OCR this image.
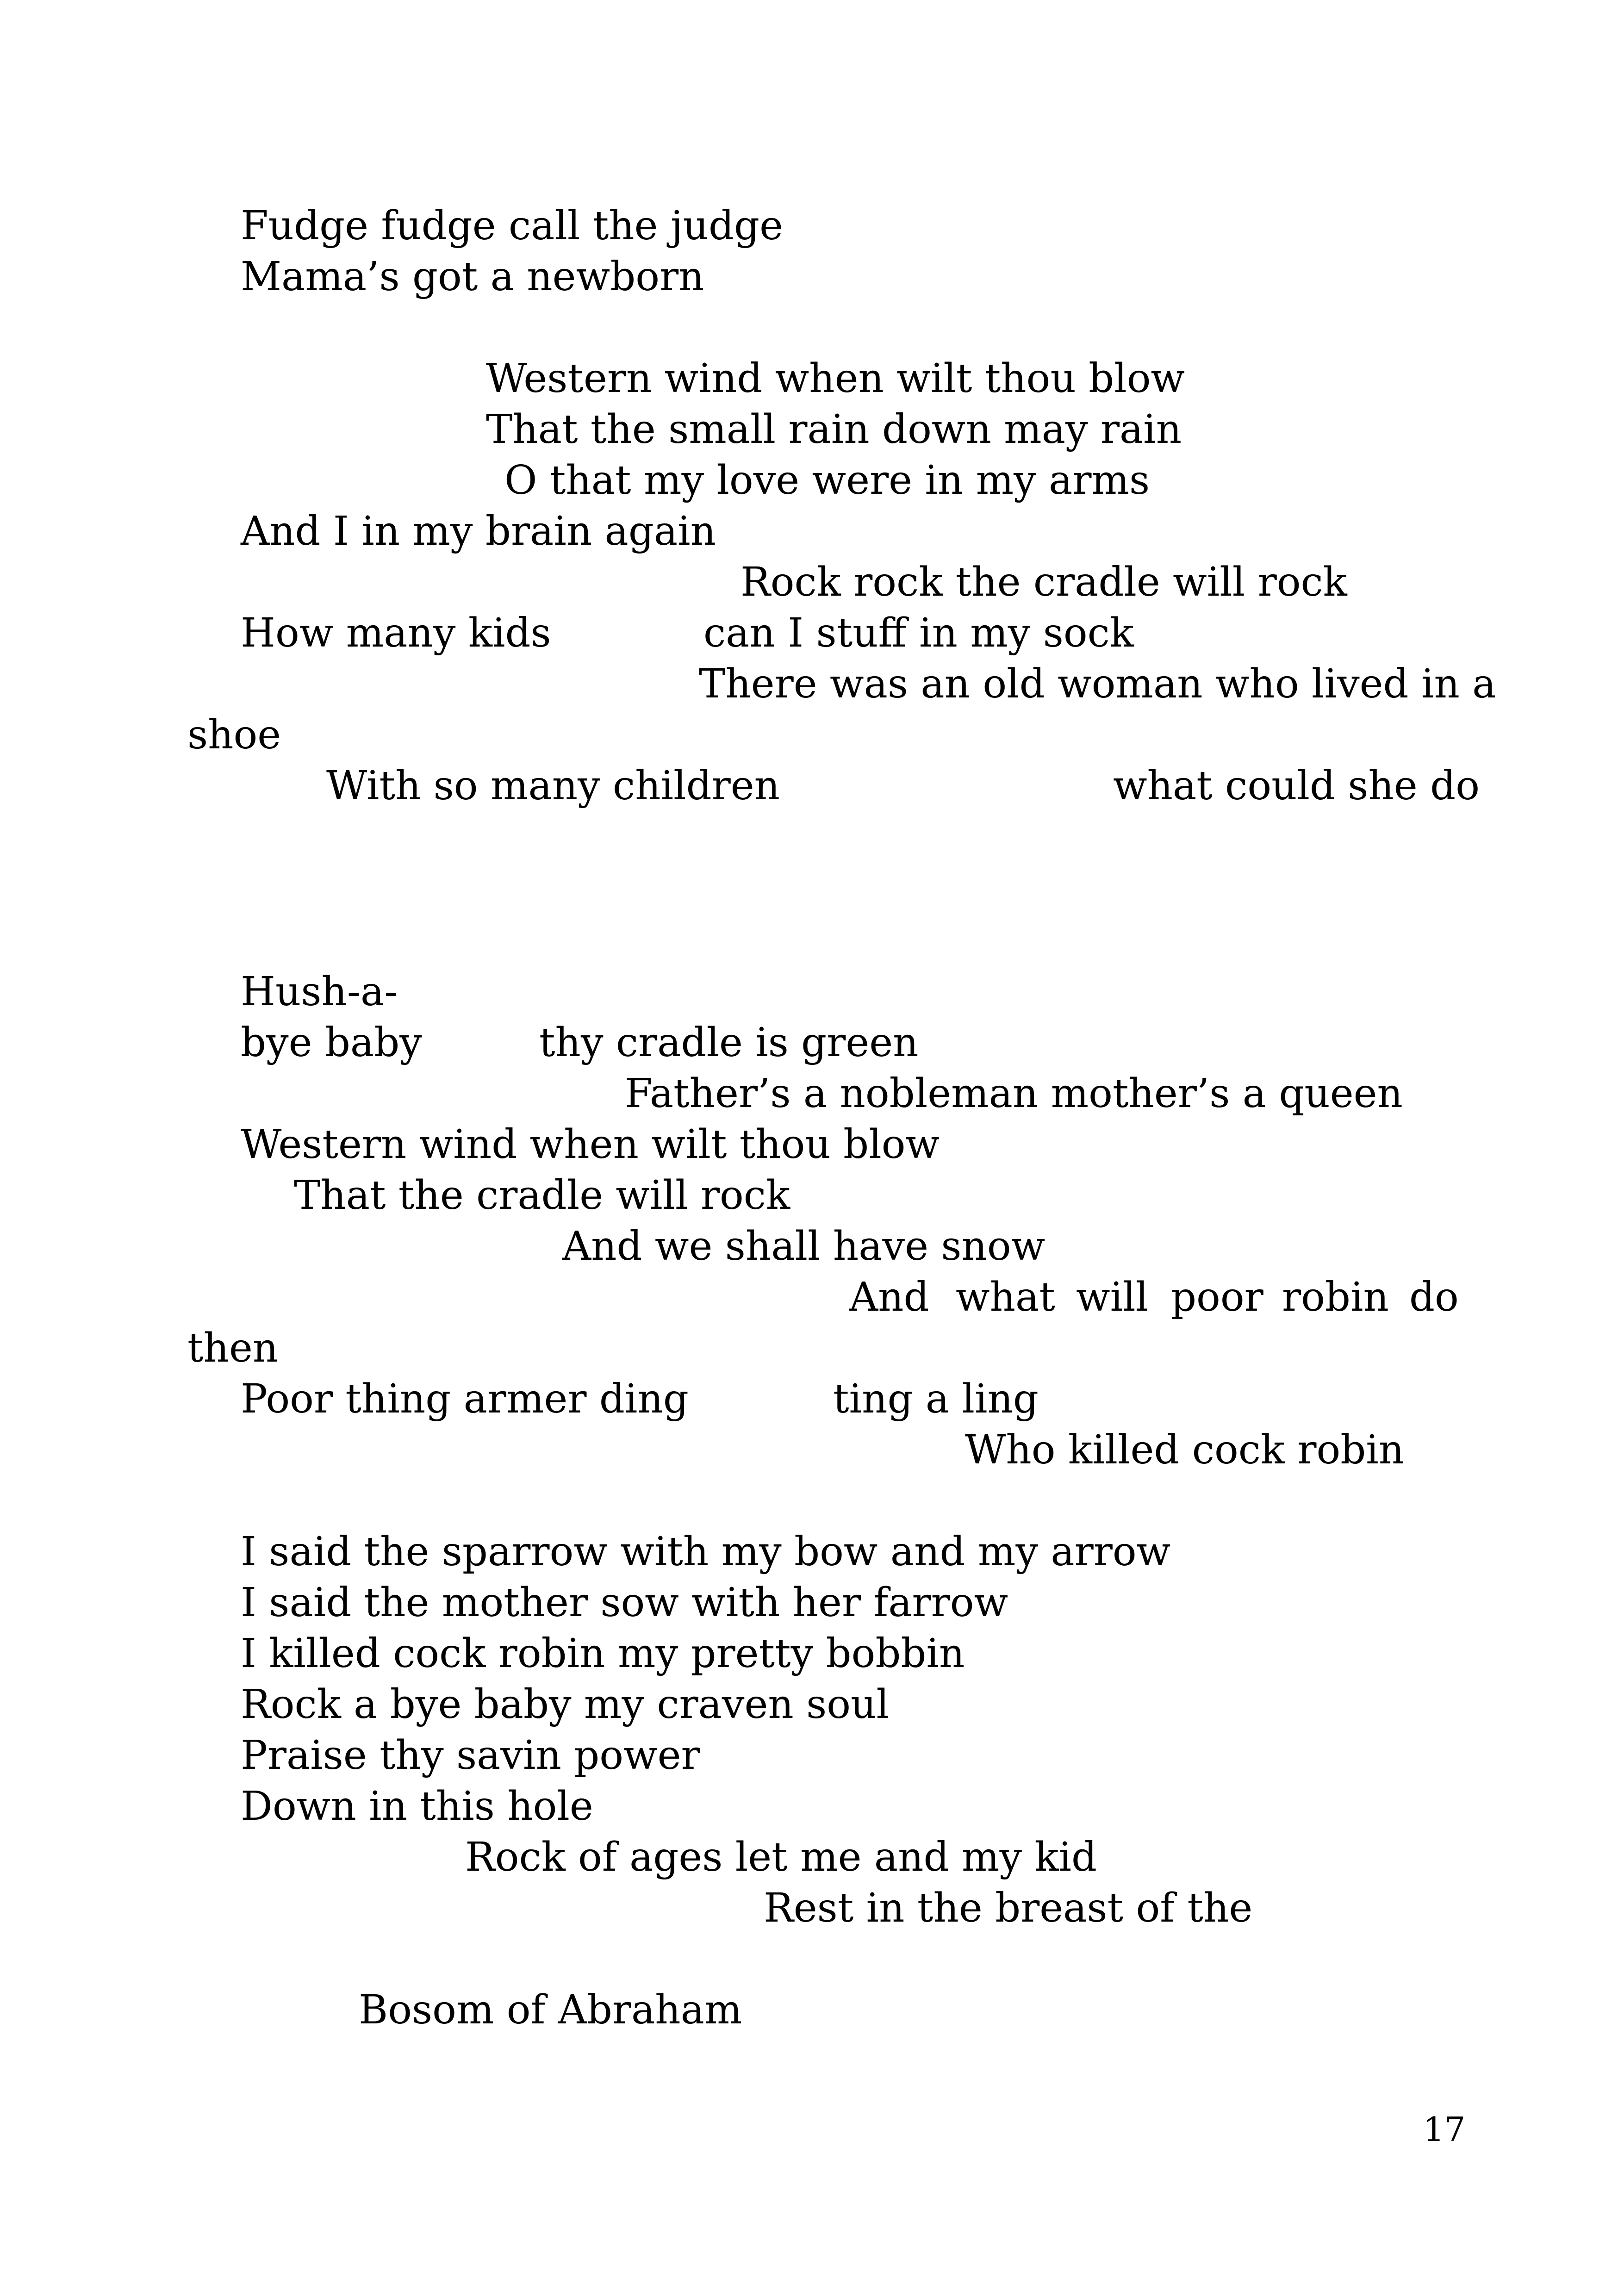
Fudge fudge call the judge
Mama’s got a newborn
Western wind when wilt thou blow
That the small rain down may rain
O that my love were in my arms
And I in my brain again
Rock rock the cradle will rock
How many kids	can I stuff in my sock
There was an old woman who lived in a
shoe
With so many children	what could she do
Hush-a-
bye baby	thy cradle is green
Father’s a nobleman mother’s a queen
Western wind when wilt thou blow
That the cradle will rock
And we shall have snow
And what will poor robin do
then
Poor thing armer ding	ting a ling
Who killed cock robin
I said the sparrow with my bow and my arrow
I said the mother sow with her farrow
I killed cock robin my pretty bobbin
Rock a bye baby my craven soul
Praise thy savin power
Down in this hole
Rock of ages let me and my kid
Rest in the breast of the
Bosom of Abraham
17
